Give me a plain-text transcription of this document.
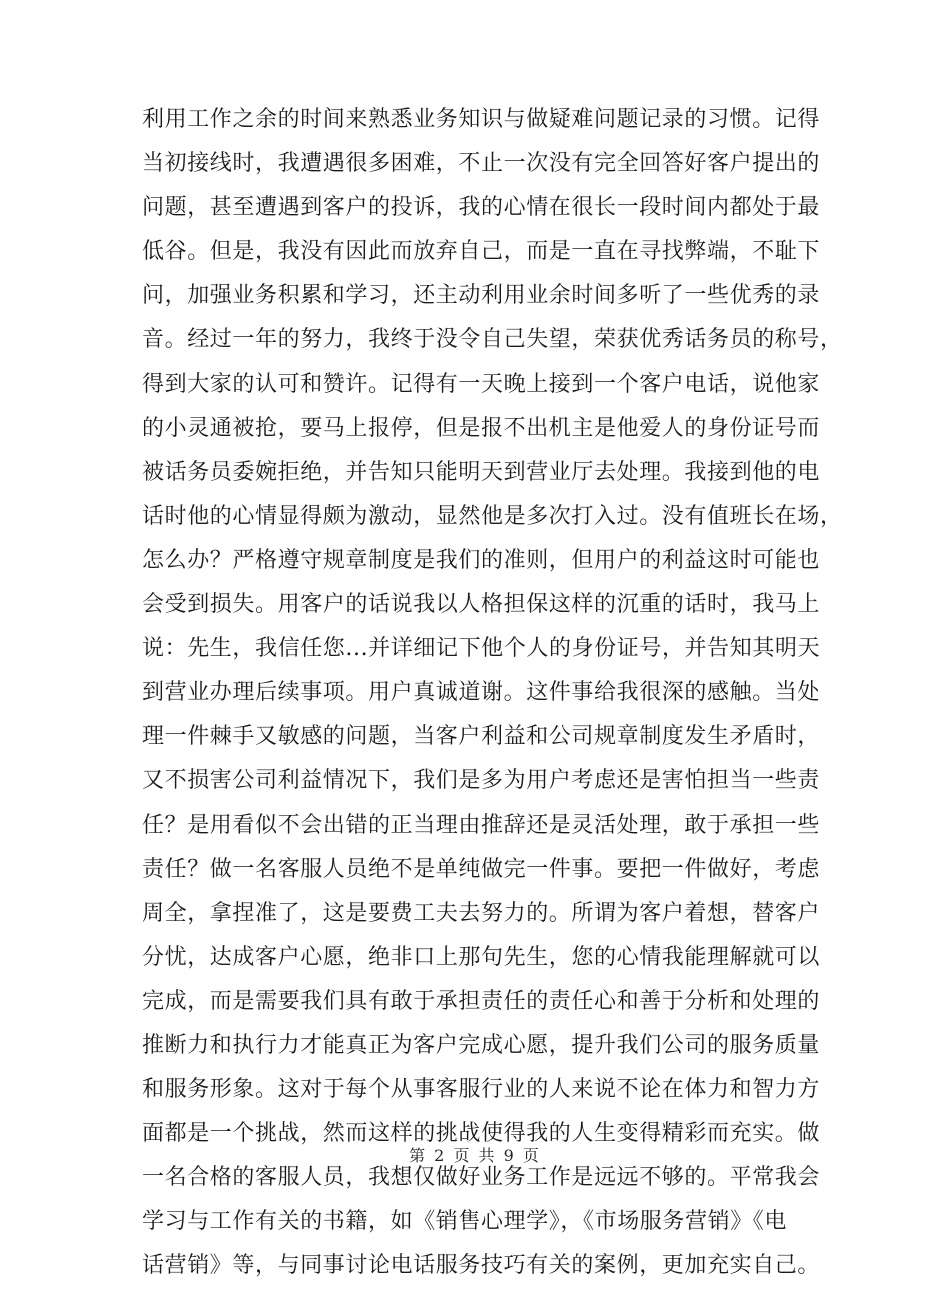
利用工作之余的时间来熟悉业务知识与做疑难问题记录的习惯。记得
当初接线时，我遭遇很多困难，不止一次没有完全回答好客户提出的
问题，甚至遭遇到客户的投诉，我的心情在很长一段时间内都处于最
低谷。但是，我没有因此而放弃自己，而是一直在寻找弊端，不耻下
问，加强业务积累和学习，还主动利用业余时间多听了一些优秀的录
音。经过一年的努力，我终于没令自己失望，荣获优秀话务员的称号，
得到大家的认可和赞许。记得有一天晚上接到一个客户电话，说他家
的小灵通被抢，要马上报停，但是报不出机主是他爱人的身份证号而
被话务员委婉拒绝，并告知只能明天到营业厅去处理。我接到他的电
话时他的心情显得颇为激动，显然他是多次打入过。没有值班长在场，
怎么办？严格遵守规章制度是我们的准则，但用户的利益这时可能也
会受到损失。用客户的话说我以人格担保这样的沉重的话时，我马上
说：先生，我信任您...并详细记下他个人的身份证号，并告知其明天
到营业办理后续事项。用户真诚道谢。这件事给我很深的感触。当处
理一件棘手又敏感的问题，当客户利益和公司规章制度发生矛盾时，
又不损害公司利益情况下，我们是多为用户考虑还是害怕担当一些责
任？是用看似不会出错的正当理由推辞还是灵活处理，敢于承担一些
责任？做一名客服人员绝不是单纯做完一件事。要把一件做好，考虑
周全，拿捏准了，这是要费工夫去努力的。所谓为客户着想，替客户
分忧，达成客户心愿，绝非口上那句先生，您的心情我能理解就可以
完成，而是需要我们具有敢于承担责任的责任心和善于分析和处理的
推断力和执行力才能真正为客户完成心愿，提升我们公司的服务质量
和服务形象。这对于每个从事客服行业的人来说不论在体力和智力方
面都是一个挑战，然而这样的挑战使得我的人生变得精彩而充实。做
一名合格的客服人员，我想仅做好业务工作是远远不够的。平常我会
学习与工作有关的书籍，如《销售心理学》，《市场服务营销》《电
话营销》等，与同事讨论电话服务技巧有关的案例，更加充实自己。
第 2 页 共 9 页
